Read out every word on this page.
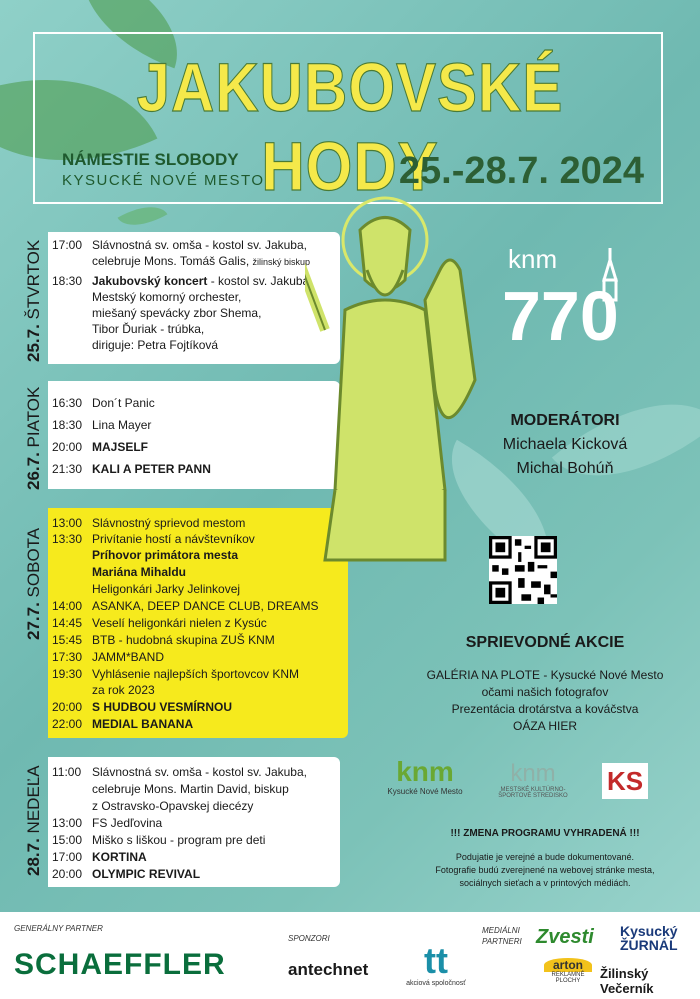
JAKUBOVSKÉ HODY
NÁMESTIE SLOBODY
KYSUCKÉ NOVÉ MESTO	25.-28.7. 2024
25.7. ŠTVRTOK
26.7. PIATOK
27.7. SOBOTA
28.7. NEDEĽA
17:00 Slávnostná sv. omša - kostol sv. Jakuba,
celebruje Mons. Tomáš Galis, žilinský biskup
18:30 Jakubovský koncert - kostol sv. Jakuba
Mestský komorný orchester,
miešaný spevácky zbor Shema,
Tibor Ďuriak - trúbka,
diriguje: Petra Fojtíková
16:30 Don´t Panic
18:30 Lina Mayer
20:00 MAJSELF
21:30 KALI A PETER PANN
13:00 Slávnostný sprievod mestom
13:30 Privítanie hostí a návštevníkov
Príhovor primátora mesta
Mariána Mihaldu
Heligonkári Jarky Jelinkovej
14:00 ASANKA, DEEP DANCE CLUB, DREAMS
14:45 Veselí heligonkári nielen z Kysúc
15:45 BTB - hudobná skupina ZUŠ KNM
17:30 JAMM*BAND
19:30 Vyhlásenie najlepších športovcov KNM
za rok 2023
20:00 S HUDBOU VESMÍRNOU
22:00 MEDIAL BANANA
11:00 Slávnostná sv. omša - kostol sv. Jakuba,
celebruje Mons. Martin David, biskup
z Ostravsko-Opavskej diecézy
13:00 FS Jedľovina
15:00 Miško s liškou - program pre deti
17:00 KORTINA
20:00 OLYMPIC REVIVAL
knm
770
MODERÁTORI
Michaela Kicková
Michal Bohúň
SPRIEVODNÉ AKCIE
GALÉRIA NA PLOTE - Kysucké Nové Mesto
očami našich fotografov
Prezentácia drotárstva a kováčstva
OÁZA HIER
knm
Kysucké Nové Mesto
knm
MESTSKÉ KULTÚRNO-ŠPORTOVÉ STREDISKO	KS
!!! ZMENA PROGRAMU VYHRADENÁ !!!
Podujatie je verejné a bude dokumentované.
Fotografie budú zverejnené na webovej stránke mesta,
sociálnych sieťach a v printových médiách.
GENERÁLNY PARTNER
SCHAEFFLER
SPONZORI
antechnet	tt
akciová spoločnosť
MEDIÁLNI
PARTNERI Zvesti Kysucký ŽURNÁL
arton
REKLAMNÉ PLOCHY	Žilinský Večerník
